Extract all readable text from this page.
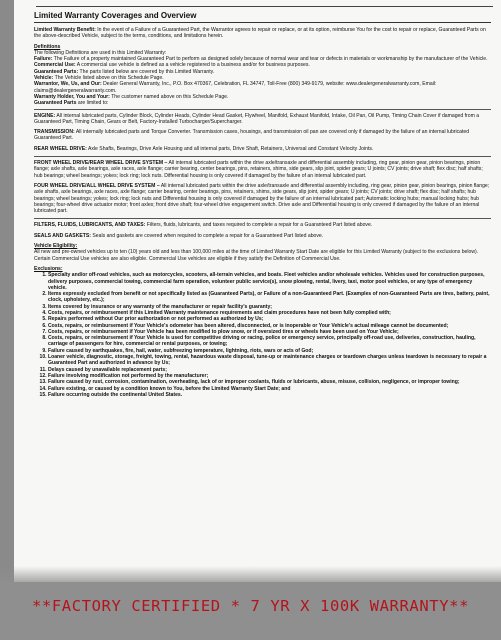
Limited Warranty Coverages and Overview

Limited Warranty Benefit: In the event of a Failure of a Guaranteed Part, the Warrantor agrees to repair or replace, or at its option, reimburse You for the cost to repair or replace, Guaranteed Parts on the above-described Vehicle, subject to the terms, conditions, and limitations herein.

Definitions
The following Definitions are used in this Limited Warranty:
Failure: The Failure of a property maintained Guaranteed Part to perform as designed solely because of normal wear and tear or defects in materials or workmanship by the manufacturer of the Vehicle.
Commercial Use: A commercial use vehicle is defined as a vehicle registered to a business and/or for business purposes.
Guaranteed Parts: The parts listed below are covered by this Limited Warranty.
Vehicle: The Vehicle listed above on this Schedule Page.
Warrantor, We, Us, and Our: Dealer General Warranty, Inc., P.O. Box 470367, Celebration, FL 34747, Toll-Free (800) 349-9179, website: www.dealergeneralwarranty.com, Email: claims@dealergeneralwarranty.com.
Warranty Holder, You and Your: The customer named above on this Schedule Page.
Guaranteed Parts are limited to:

ENGINE: All internal lubricated parts, Cylinder Block, Cylinder Heads, Cylinder Head Gasket, Flywheel, Manifold, Exhaust Manifold, Intake, Oil Pan, Oil Pump, Timing Chain Cover if damaged from a Guaranteed Part, Timing Chain, Gears or Belt, Factory-Installed Turbocharger/Supercharger.

TRANSMISSION: All internally lubricated parts and Torque Converter. Transmission cases, housings, and transmission oil pan are covered only if damaged by the failure of an internal lubricated Guaranteed Part.

REAR WHEEL DRIVE: Axle Shafts, Bearings, Drive Axle Housing and all internal parts, Drive Shaft, Retainers, Universal and Constant Velocity Joints.

FRONT WHEEL DRIVE/REAR WHEEL DRIVE SYSTEM – All internal lubricated parts within the drive axle/transaxle and differential assembly including, ring gear, pinion gear, pinion bearings, pinion flange; axle shafts, axle bearings, axle races, axle flange; carrier bearing, center bearings, pins, retainers, shims, side gears, slip joint, spider gears; U joints; CV joints; drive shaft; flex disc; half shafts; hub bearings; wheel bearings; yokes; lock ring; lock nuts. Differential housing is only covered if damaged by the failure of an internal lubricated part.

FOUR WHEEL DRIVE/ALL WHEEL DRIVE SYSTEM – All internal lubricated parts within the drive axle/transaxle and differential assembly including, ring gear, pinion gear, pinion bearings, pinion flange; axle shafts, axle bearings, axle races, axle flange; carrier bearing, center bearings, pins, retainers, shims, side gears, slip joint, spider gears; U joints; CV joints; drive shaft; flex disc; half shafts; hub bearings; wheel bearings; yokes; lock ring; lock nuts and Differential housing is only covered if damaged by the failure of an internal lubricated part; Automatic locking hubs; manual locking hubs; hub bearings; four-wheel drive actuator motor; front axles; front drive shaft; four-wheel drive engagement switch. Drive axle and Differential housing is only covered if damaged by the failure of an internal lubricated part.

FILTERS, FLUIDS, LUBRICANTS, AND TAXES: Filters, fluids, lubricants, and taxes required to complete a repair for a Guaranteed Part listed above.

SEALS AND GASKETS: Seals and gaskets are covered when required to complete a repair for a Guaranteed Part listed above.

Vehicle Eligibility:

All new and pre-owned vehicles up to ten (10) years old and less than 100,000 miles at the time of Limited Warranty Start Date are eligible for this Limited Warranty (subject to the exclusions below). Certain Commercial Use vehicles are also eligible. Commercial Use vehicles are eligible if they satisfy the Definition of Commercial Use.

Exclusions:
1. Specialty and/or off-road vehicles, such as motorcycles, scooters, all-terrain vehicles, and boats. Fleet vehicles and/or wholesale vehicles. Vehicles used for construction purposes, delivery purposes, commercial towing, commercial farm operation, volunteer public service(s), snow plowing, rental, livery, taxi, motor pool vehicles, or any type of emergency vehicle.
2. Items expressly excluded from benefit or not specifically listed as (Guaranteed Parts), or Failure of a non-Guaranteed Part. (Examples of non-Guaranteed Parts are tires, battery, paint, clock, upholstery, etc.);
3. Items covered by insurance or any warranty of the manufacturer or repair facility's guaranty;
4. Costs, repairs, or reimbursement if this Limited Warranty maintenance requirements and claim procedures have not been fully complied with;
5. Repairs performed without Our prior authorization or not performed as authorized by Us;
6. Costs, repairs, or reimbursement if Your Vehicle's odometer has been altered, disconnected, or is inoperable or Your Vehicle's actual mileage cannot be documented;
7. Costs, repairs, or reimbursement if Your Vehicle has been modified to plow snow, or if oversized tires or wheels have been used on Your Vehicle;
8. Costs, repairs, or reimbursement if Your Vehicle is used for competitive driving or racing, police or emergency service, principally off-road use, deliveries, construction, hauling, carriage of passengers for hire, commercial or rental purposes, or towing;
9. Failure caused by earthquakes, fire, hail, water, subfreezing temperature, lightning, riots, wars or acts of God;
10. Loaner vehicle, diagnostic, storage, freight, towing, rental, hazardous waste disposal, tune-up or maintenance charges or teardown charges unless teardown is necessary to repair a Guaranteed Part and authorized in advance by Us;
11. Delays caused by unavailable replacement parts;
12. Failure involving modification not performed by the manufacturer;
13. Failure caused by rust, corrosion, contamination, overheating, lack of or improper coolants, fluids or lubricants, abuse, misuse, collision, negligence, or improper towing;
14. Failure existing, or caused by a condition known to You, before the Limited Warranty Start Date; and
15. Failure occurring outside the continental United States.
**FACTORY CERTIFIED * 7 YR X 100K WARRANTY**
